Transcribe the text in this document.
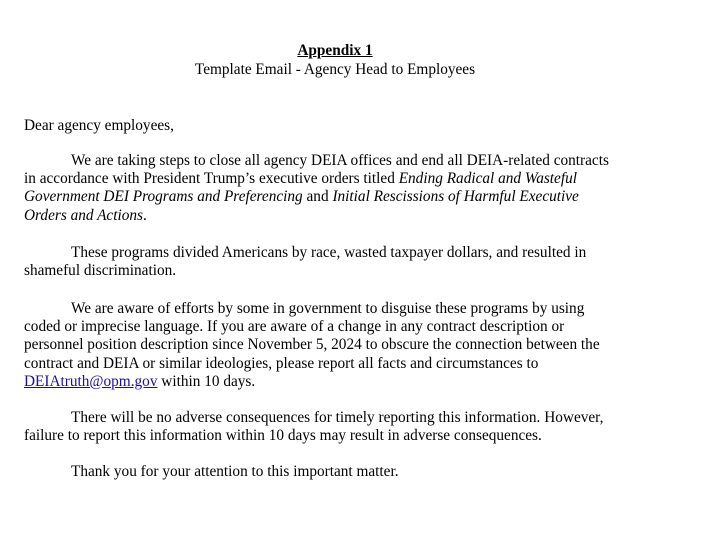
Appendix 1
Template Email - Agency Head to Employees

Dear agency employees,

We are taking steps to close all agency DEIA offices and end all DEIA-related contracts
in accordance with President Trump’s executive orders titled Ending Radical and Wasteful
Government DEI Programs and Preferencing and Initial Rescissions of Harmful Executive
Orders and Actions.

These programs divided Americans by race, wasted taxpayer dollars, and resulted in
shameful discrimination.

We are aware of efforts by some in government to disguise these programs by using
coded or imprecise language. If you are aware of a change in any contract description or
personnel position description since November 5, 2024 to obscure the connection between the
contract and DEIA or similar ideologies, please report all facts and circumstances to
DEIAtruth@opm.gov within 10 days.

There will be no adverse consequences for timely reporting this information. However,
failure to report this information within 10 days may result in adverse consequences.

Thank you for your attention to this important matter.
